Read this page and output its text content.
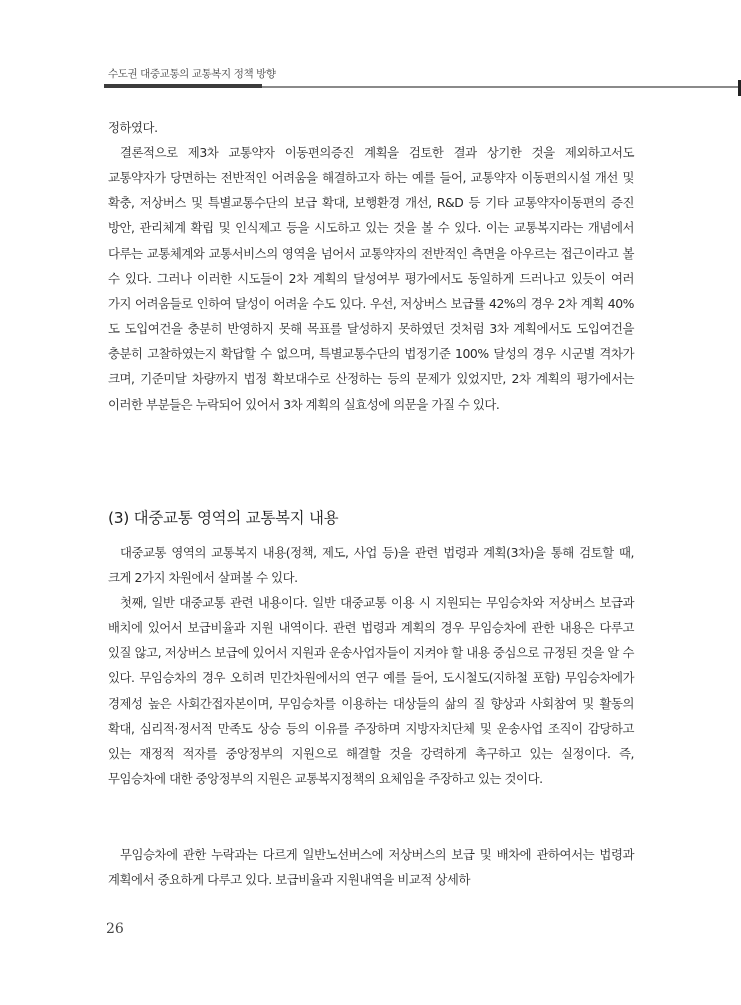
수도권 대중교통의 교통복지 정책 방향

정하였다.

결론적으로 제3차 교통약자 이동편의증진 계획을 검토한 결과 상기한 것을 제외하고서도 교통약자가 당면하는 전반적인 어려움을 해결하고자 하는 예를 들어, 교통약자 이동편의시설 개선 및 확충, 저상버스 및 특별교통수단의 보급 확대, 보행환경 개선, R&D 등 기타 교통약자이동편의 증진 방안, 관리체계 확립 및 인식제고 등을 시도하고 있는 것을 볼 수 있다. 이는 교통복지라는 개념에서 다루는 교통체계와 교통서비스의 영역을 넘어서 교통약자의 전반적인 측면을 아우르는 접근이라고 볼 수 있다. 그러나 이러한 시도들이 2차 계획의 달성여부 평가에서도 동일하게 드러나고 있듯이 여러 가지 어려움들로 인하여 달성이 어려울 수도 있다. 우선, 저상버스 보급률 42%의 경우 2차 계획 40%도 도입여건을 충분히 반영하지 못해 목표를 달성하지 못하였던 것처럼 3차 계획에서도 도입여건을 충분히 고찰하였는지 확답할 수 없으며, 특별교통수단의 법정기준 100% 달성의 경우 시군별 격차가 크며, 기준미달 차량까지 법정 확보대수로 산정하는 등의 문제가 있었지만, 2차 계획의 평가에서는 이러한 부분들은 누락되어 있어서 3차 계획의 실효성에 의문을 가질 수 있다.

(3) 대중교통 영역의 교통복지 내용

대중교통 영역의 교통복지 내용(정책, 제도, 사업 등)을 관련 법령과 계획(3차)을 통해 검토할 때, 크게 2가지 차원에서 살펴볼 수 있다.

첫째, 일반 대중교통 관련 내용이다. 일반 대중교통 이용 시 지원되는 무임승차와 저상버스 보급과 배치에 있어서 보급비율과 지원 내역이다. 관련 법령과 계획의 경우 무임승차에 관한 내용은 다루고 있질 않고, 저상버스 보급에 있어서 지원과 운송사업자들이 지켜야 할 내용 중심으로 규정된 것을 알 수 있다. 무임승차의 경우 오히려 민간차원에서의 연구 예를 들어, 도시철도(지하철 포함) 무임승차에가 경제성 높은 사회간접자본이며, 무임승차를 이용하는 대상들의 삶의 질 향상과 사회참여 및 활동의 확대, 심리적·정서적 만족도 상승 등의 이유를 주장하며 지방자치단체 및 운송사업 조직이 감당하고 있는 재정적 적자를 중앙정부의 지원으로 해결할 것을 강력하게 촉구하고 있는 실정이다. 즉, 무임승차에 대한 중앙정부의 지원은 교통복지정책의 요체임을 주장하고 있는 것이다.

무임승차에 관한 누락과는 다르게 일반노선버스에 저상버스의 보급 및 배차에 관하여서는 법령과 계획에서 중요하게 다루고 있다. 보급비율과 지원내역을 비교적 상세하

26
